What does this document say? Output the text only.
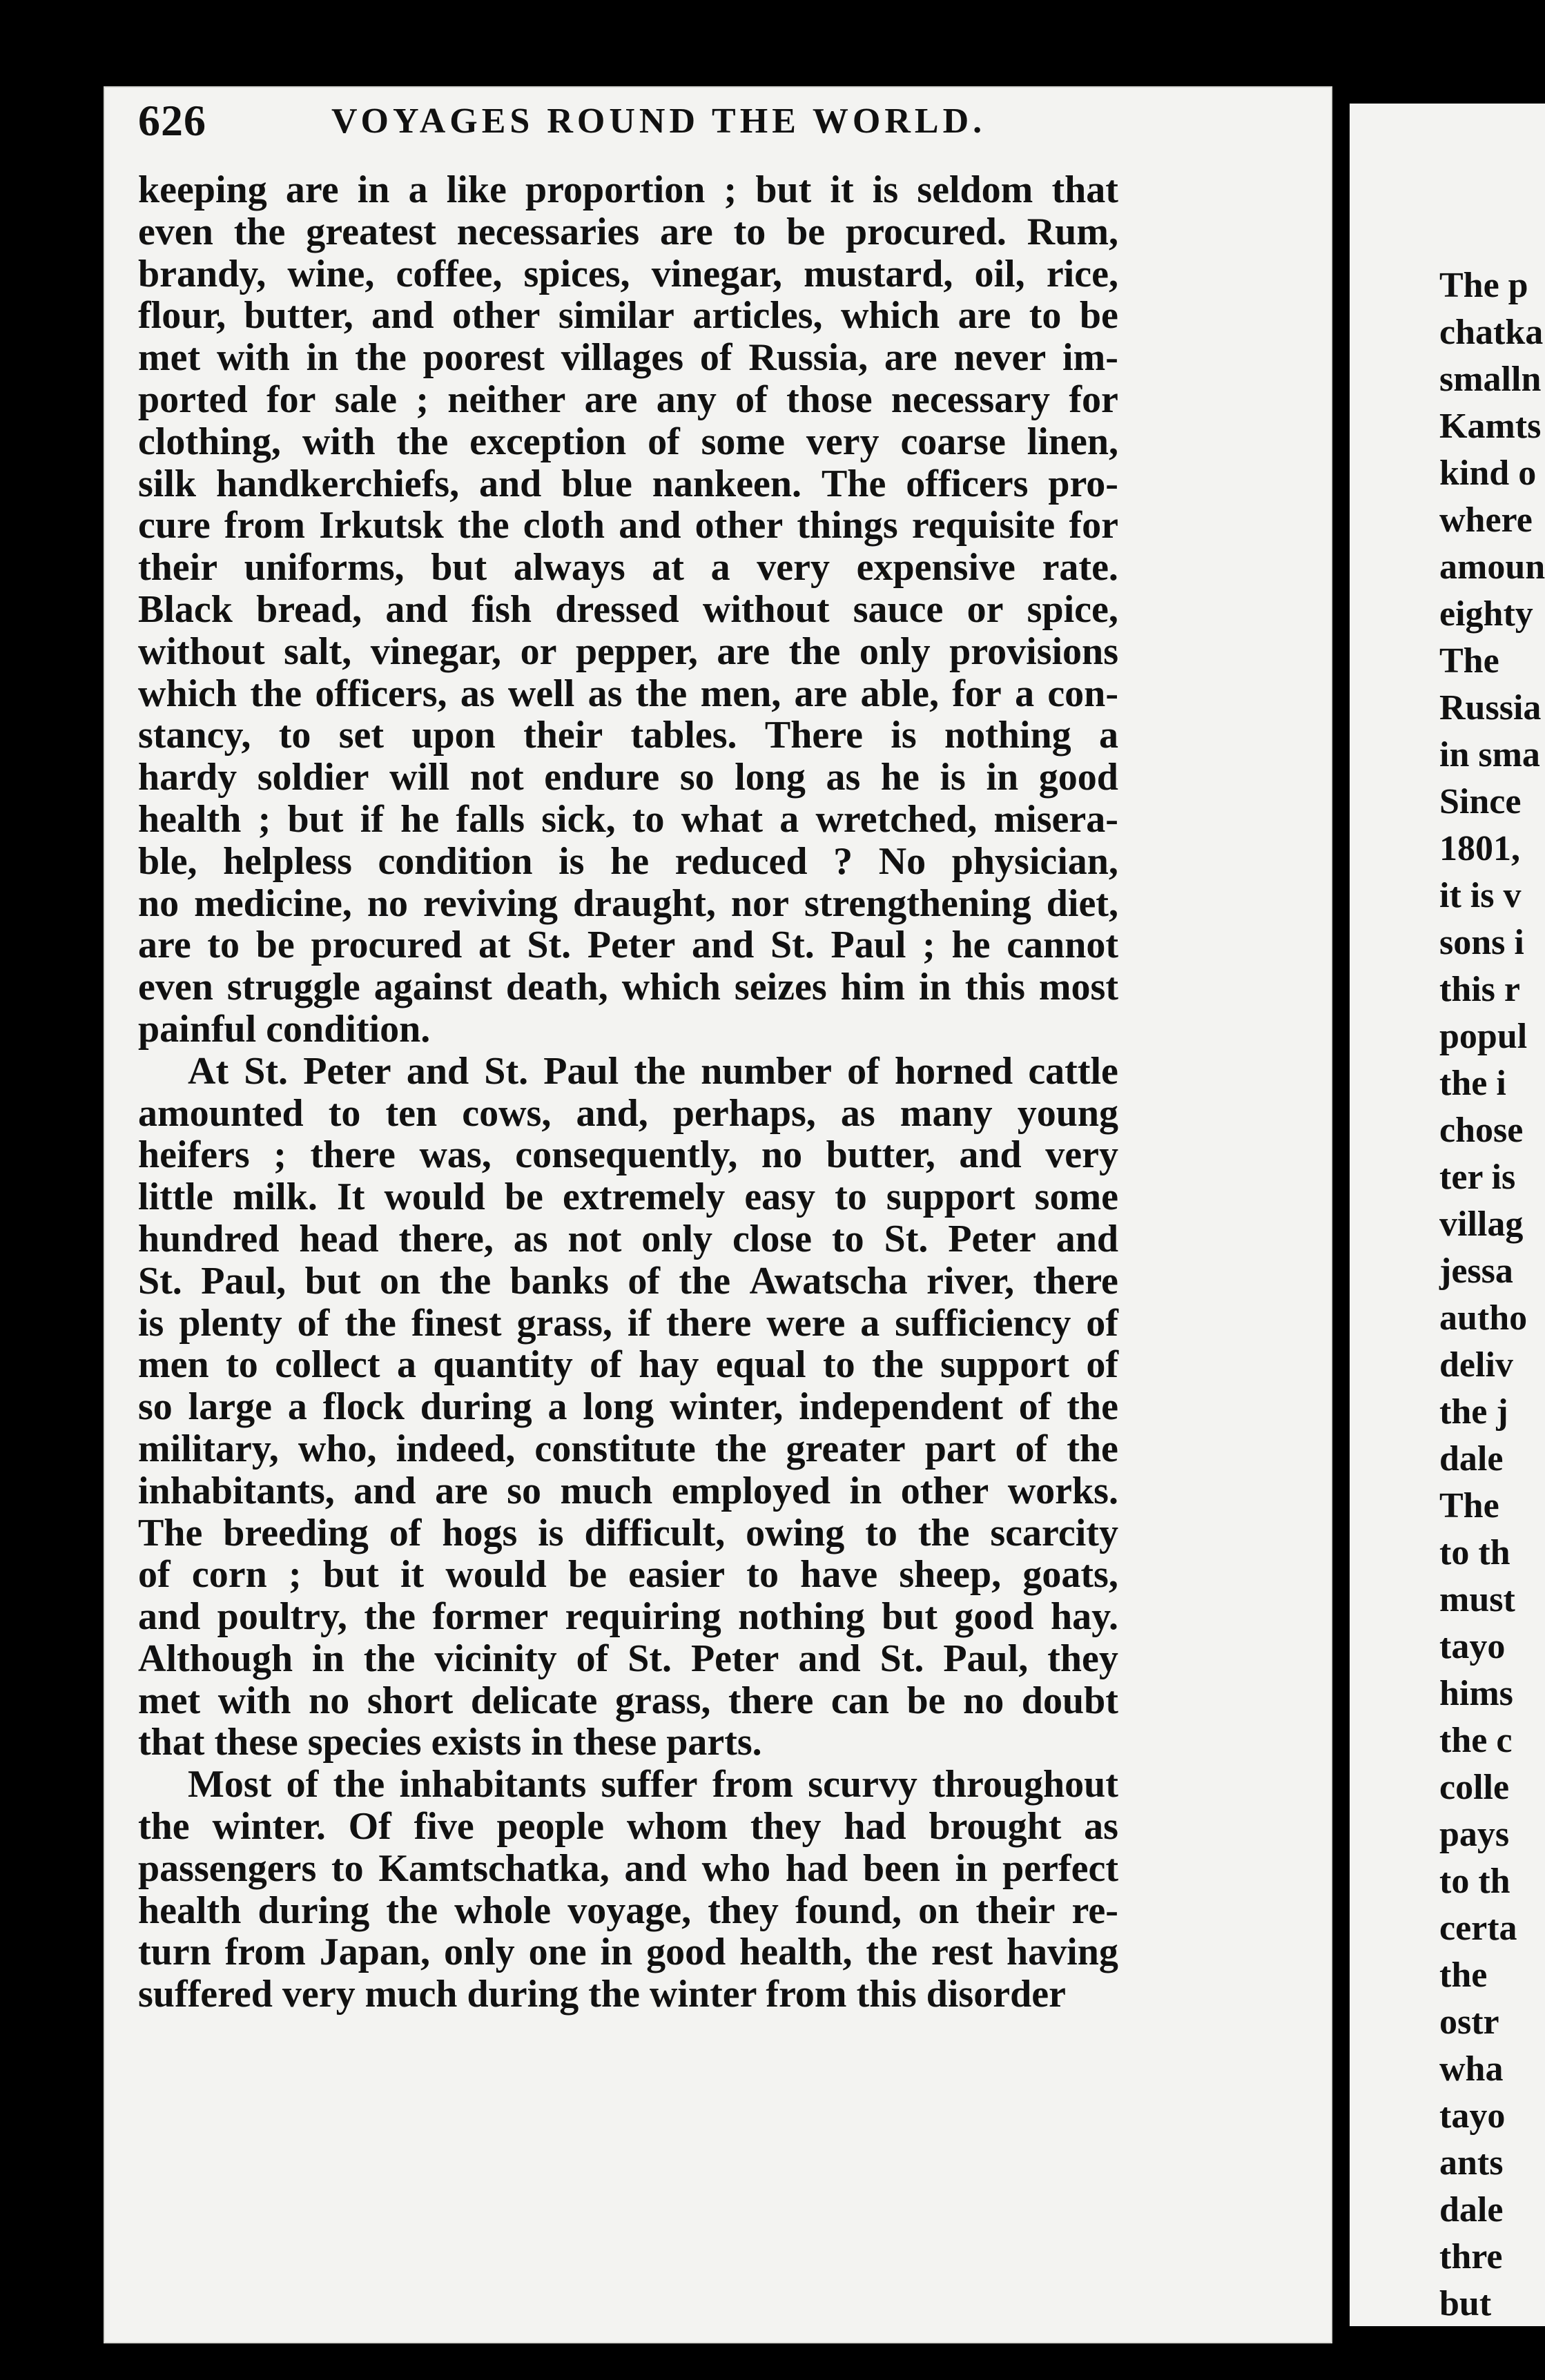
The p
chatka
smalln
Kamts
kind o
where
amoun
eighty
The
Russia
in sma
Since
1801,
it is v
sons i
this r
popul
the i
chose
ter is
villag
jessa
autho
deliv
the j
dale
The
to th
must
tayo
hims
the c
colle
pays
to th
certa
the
ostr
wha
tayo
ants
dale
thre
but
626	VOYAGES ROUND THE WORLD.
keeping are in a like proportion ; but it is seldom that
even the greatest necessaries are to be procured. Rum,
brandy, wine, coffee, spices, vinegar, mustard, oil, rice,
flour, butter, and other similar articles, which are to be
met with in the poorest villages of Russia, are never im-
ported for sale ; neither are any of those necessary for
clothing, with the exception of some very coarse linen,
silk handkerchiefs, and blue nankeen. The officers pro-
cure from Irkutsk the cloth and other things requisite for
their uniforms, but always at a very expensive rate.
Black bread, and fish dressed without sauce or spice,
without salt, vinegar, or pepper, are the only provisions
which the officers, as well as the men, are able, for a con-
stancy, to set upon their tables. There is nothing a
hardy soldier will not endure so long as he is in good
health ; but if he falls sick, to what a wretched, misera-
ble, helpless condition is he reduced ? No physician,
no medicine, no reviving draught, nor strengthening diet,
are to be procured at St. Peter and St. Paul ; he cannot
even struggle against death, which seizes him in this most
painful condition.
At St. Peter and St. Paul the number of horned cattle
amounted to ten cows, and, perhaps, as many young
heifers ; there was, consequently, no butter, and very
little milk. It would be extremely easy to support some
hundred head there, as not only close to St. Peter and
St. Paul, but on the banks of the Awatscha river, there
is plenty of the finest grass, if there were a sufficiency of
men to collect a quantity of hay equal to the support of
so large a flock during a long winter, independent of the
military, who, indeed, constitute the greater part of the
inhabitants, and are so much employed in other works.
The breeding of hogs is difficult, owing to the scarcity
of corn ; but it would be easier to have sheep, goats,
and poultry, the former requiring nothing but good hay.
Although in the vicinity of St. Peter and St. Paul, they
met with no short delicate grass, there can be no doubt
that these species exists in these parts.
Most of the inhabitants suffer from scurvy throughout
the winter. Of five people whom they had brought as
passengers to Kamtschatka, and who had been in perfect
health during the whole voyage, they found, on their re-
turn from Japan, only one in good health, the rest having
suffered very much during the winter from this disorder
